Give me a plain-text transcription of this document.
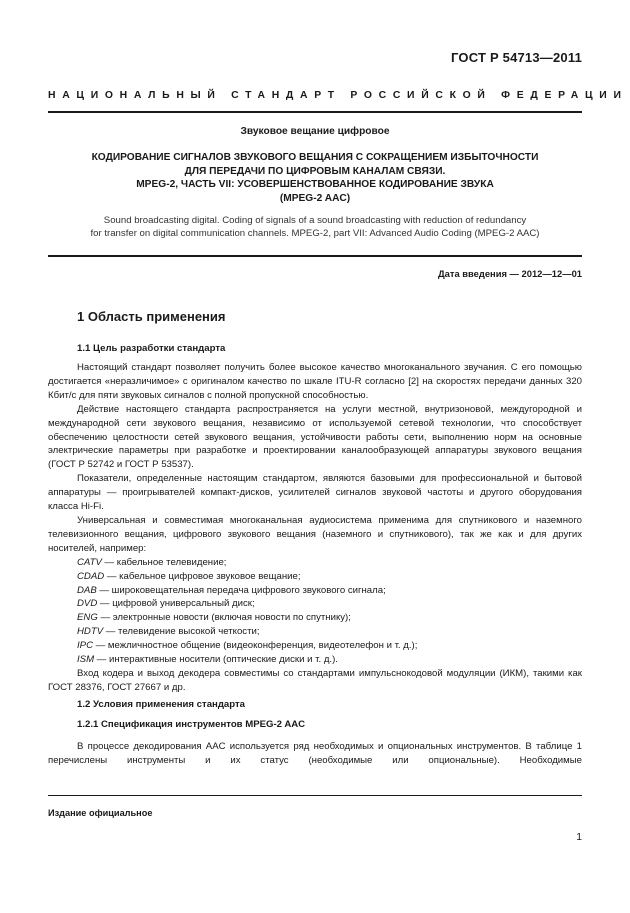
ГОСТ Р 54713—2011
НАЦИОНАЛЬНЫЙ СТАНДАРТ РОССИЙСКОЙ ФЕДЕРАЦИИ
Звуковое вещание цифровое
КОДИРОВАНИЕ СИГНАЛОВ ЗВУКОВОГО ВЕЩАНИЯ С СОКРАЩЕНИЕМ ИЗБЫТОЧНОСТИ
ДЛЯ ПЕРЕДАЧИ ПО ЦИФРОВЫМ КАНАЛАМ СВЯЗИ.
MPEG-2, ЧАСТЬ VII: УСОВЕРШЕНСТВОВАННОЕ КОДИРОВАНИЕ ЗВУКА
(MPEG-2 AAC)
Sound broadcasting digital. Coding of signals of a sound broadcasting with reduction of redundancy
for transfer on digital communication channels. MPEG-2, part VII: Advanced Audio Coding (MPEG-2 AAC)
Дата введения — 2012—12—01
1 Область применения
1.1 Цель разработки стандарта

Настоящий стандарт позволяет получить более высокое качество многоканального звучания. С его помощью достигается «неразличимое» с оригиналом качество по шкале ITU-R согласно [2] на скоростях передачи данных 320 Кбит/с для пяти звуковых сигналов с полной пропускной способностью.

Действие настоящего стандарта распространяется на услуги местной, внутризоновой, междугородной и международной сети звукового вещания, независимо от используемой сетевой технологии, что способствует обеспечению целостности сетей звукового вещания, устойчивости работы сети, выполнению норм на основные электрические параметры при разработке и проектировании каналообразующей аппаратуры звукового вещания (ГОСТ Р 52742 и ГОСТ Р 53537).

Показатели, определенные настоящим стандартом, являются базовыми для профессиональной и бытовой аппаратуры — проигрывателей компакт-дисков, усилителей сигналов звуковой частоты и другого оборудования класса Hi-Fi.

Универсальная и совместимая многоканальная аудиосистема применима для спутникового и наземного телевизионного вещания, цифрового звукового вещания (наземного и спутникового), так же как и для других носителей, например:

CATV — кабельное телевидение;

CDAD — кабельное цифровое звуковое вещание;

DAB — широковещательная передача цифрового звукового сигнала;

DVD — цифровой универсальный диск;

ENG — электронные новости (включая новости по спутнику);

HDTV — телевидение высокой четкости;

IPC — межличностное общение (видеоконференция, видеотелефон и т. д.);

ISM — интерактивные носители (оптические диски и т. д.).

Вход кодера и выход декодера совместимы со стандартами импульснокодовой модуляции (ИКМ), такими как ГОСТ 28376, ГОСТ 27667 и др.

1.2 Условия применения стандарта
1.2.1 Спецификация инструментов MPEG-2 AAC

В процессе декодирования AAC используется ряд необходимых и опциональных инструментов. В таблице 1 перечислены инструменты и их статус (необходимые или опциональные). Необходимые

Издание официальное
1
